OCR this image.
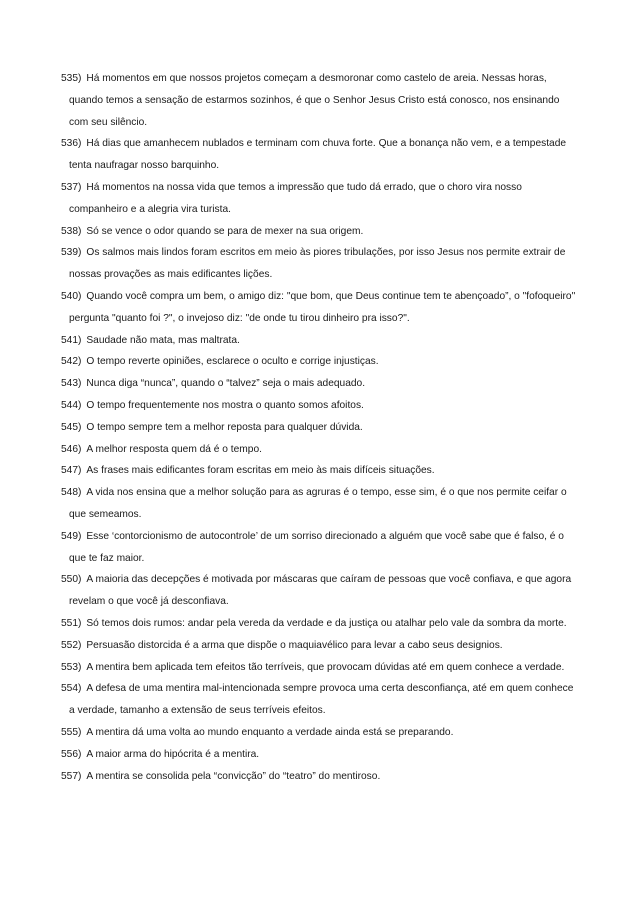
535) Há momentos em que nossos projetos começam a desmoronar como castelo de areia. Nessas horas, quando temos a sensação de estarmos sozinhos, é que o Senhor Jesus Cristo está conosco, nos ensinando com seu silêncio.
536) Há dias que amanhecem nublados e terminam com chuva forte. Que a bonança não vem, e a tempestade tenta naufragar nosso barquinho.
537) Há momentos na nossa vida que temos a impressão que tudo dá errado, que o choro vira nosso companheiro e a alegria vira turista.
538) Só se vence o odor quando se para de mexer na sua origem.
539) Os salmos mais lindos foram escritos em meio às piores tribulações, por isso Jesus nos permite extrair de nossas provações as mais edificantes lições.
540) Quando você compra um bem, o amigo diz: "que bom, que Deus continue tem te abençoado”, o "fofoqueiro" pergunta "quanto foi ?", o invejoso diz: "de onde tu tirou dinheiro pra isso?".
541) Saudade não mata, mas maltrata.
542) O tempo reverte opiniões, esclarece o oculto e corrige injustiças.
543) Nunca diga “nunca”, quando o “talvez” seja o mais adequado.
544) O tempo frequentemente nos mostra o quanto somos afoitos.
545) O tempo sempre tem a melhor reposta para qualquer dúvida.
546) A melhor resposta quem dá é o tempo.
547) As frases mais edificantes foram escritas em meio às mais difíceis situações.
548) A vida nos ensina que a melhor solução para as agruras é o tempo, esse sim, é o que nos permite ceifar o que semeamos.
549) Esse ‘contorcionismo de autocontrole’ de um sorriso direcionado a alguém que você sabe que é falso, é o que te faz maior.
550) A maioria das decepções é motivada por máscaras que caíram de pessoas que você confiava, e que agora revelam o que você já desconfiava.
551) Só temos dois rumos: andar pela vereda da verdade e da justiça ou atalhar pelo vale da sombra da morte.
552) Persuasão distorcida é a arma que dispõe o maquiavélico para levar a cabo seus designios.
553) A mentira bem aplicada tem efeitos tão terríveis, que provocam dúvidas até em quem conhece a verdade.
554) A defesa de uma mentira mal-intencionada sempre provoca uma certa desconfiança, até em quem conhece a verdade, tamanho a extensão de seus terríveis efeitos.
555) A mentira dá uma volta ao mundo enquanto a verdade ainda está se preparando.
556) A maior arma do hipócrita é a mentira.
557) A mentira se consolida pela “convicção” do “teatro” do mentiroso.
